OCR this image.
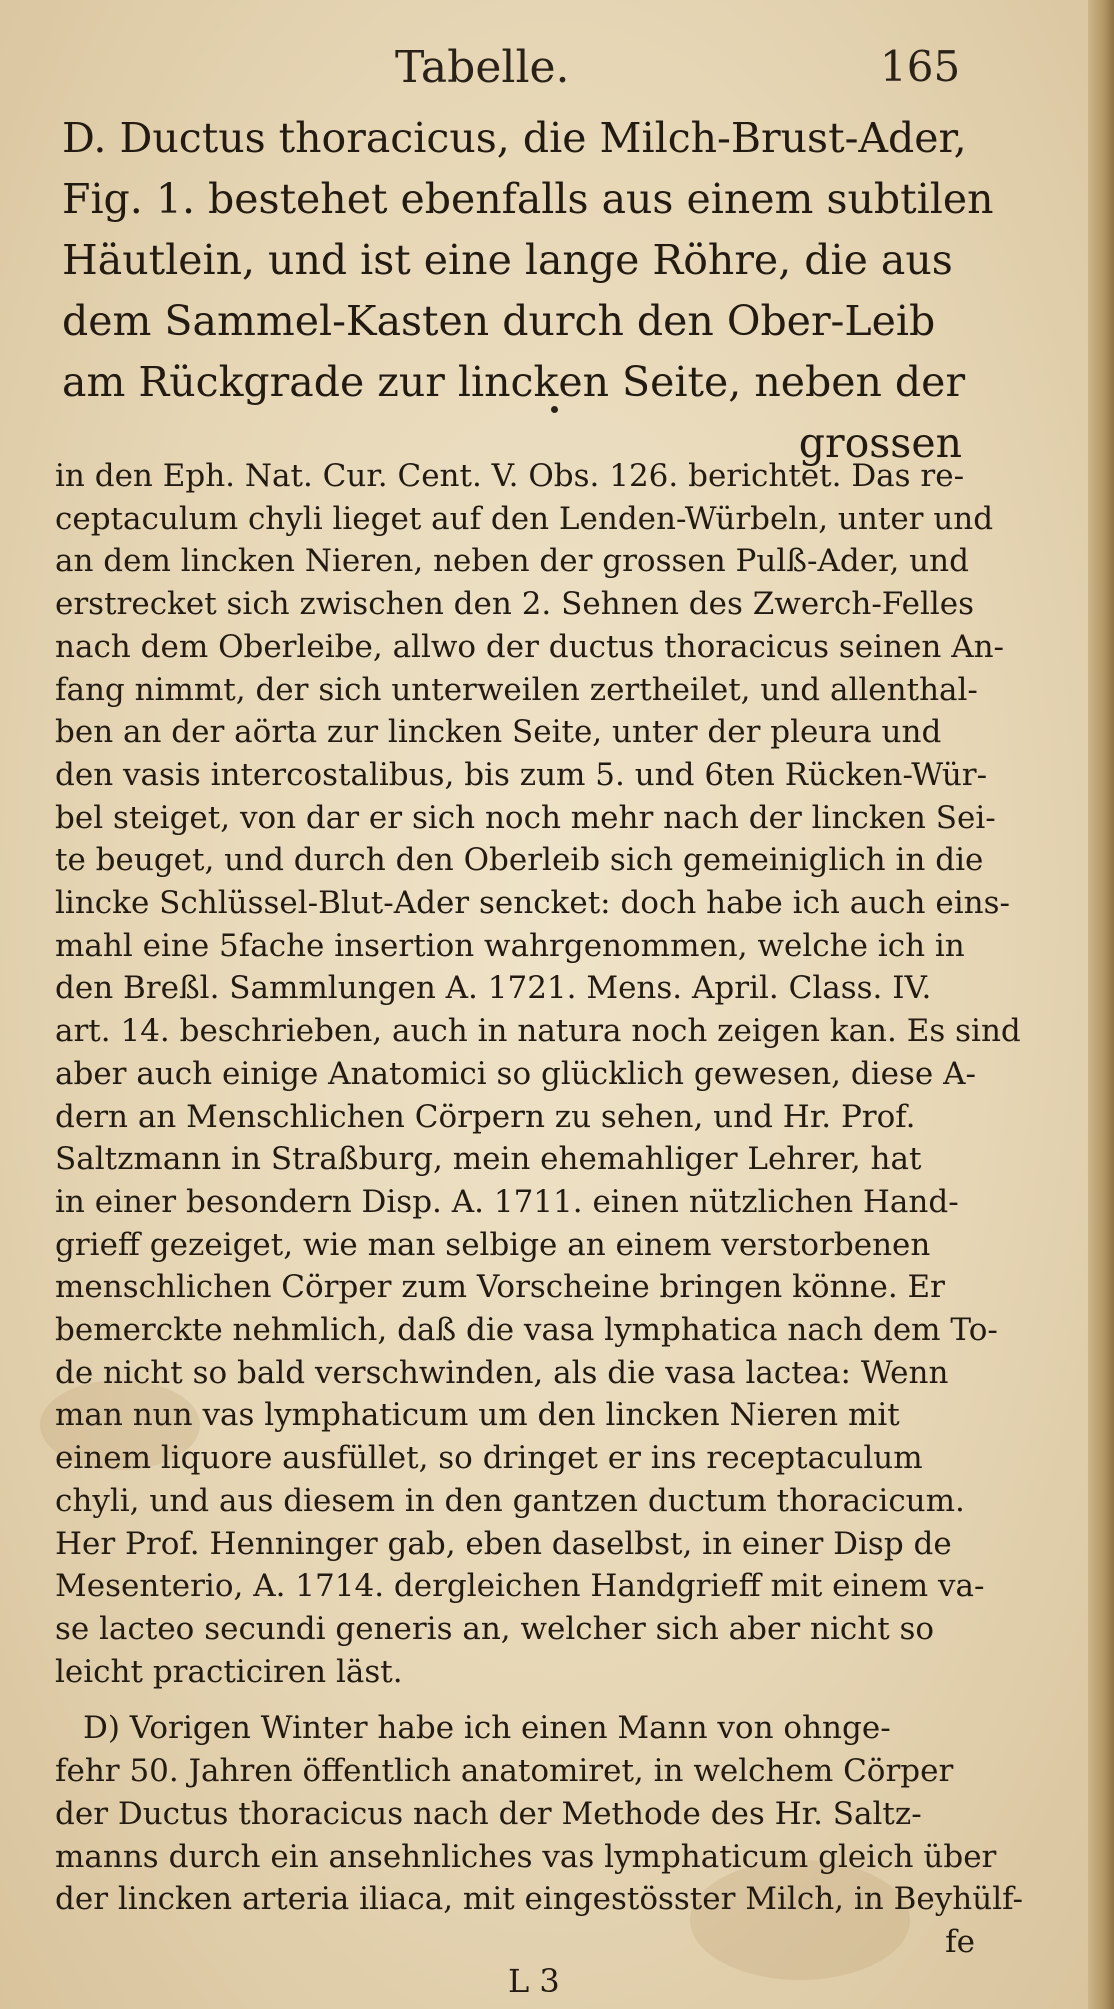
Tabelle.	165
D. Ductus thoracicus, die Milch-Brust-Ader,
Fig. 1. bestehet ebenfalls aus einem subtilen
Häutlein, und ist eine lange Röhre, die aus
dem Sammel-Kasten durch den Ober-Leib
am Rückgrade zur lincken Seite, neben der
grossen
in den Eph. Nat. Cur. Cent. V. Obs. 126. berichtet. Das re-
ceptaculum chyli lieget auf den Lenden-Würbeln, unter und
an dem lincken Nieren, neben der grossen Pulß-Ader, und
erstrecket sich zwischen den 2. Sehnen des Zwerch-Felles
nach dem Oberleibe, allwo der ductus thoracicus seinen An-
fang nimmt, der sich unterweilen zertheilet, und allenthal-
ben an der aörta zur lincken Seite, unter der pleura und
den vasis intercostalibus, bis zum 5. und 6ten Rücken-Wür-
bel steiget, von dar er sich noch mehr nach der lincken Sei-
te beuget, und durch den Oberleib sich gemeiniglich in die
lincke Schlüssel-Blut-Ader sencket: doch habe ich auch eins-
mahl eine 5fache insertion wahrgenommen, welche ich in
den Breßl. Sammlungen A. 1721. Mens. April. Class. IV.
art. 14. beschrieben, auch in natura noch zeigen kan. Es sind
aber auch einige Anatomici so glücklich gewesen, diese A-
dern an Menschlichen Cörpern zu sehen, und Hr. Prof.
Saltzmann in Straßburg, mein ehemahliger Lehrer, hat
in einer besondern Disp. A. 1711. einen nützlichen Hand-
grieff gezeiget, wie man selbige an einem verstorbenen
menschlichen Cörper zum Vorscheine bringen könne. Er
bemerckte nehmlich, daß die vasa lymphatica nach dem To-
de nicht so bald verschwinden, als die vasa lactea: Wenn
man nun vas lymphaticum um den lincken Nieren mit
einem liquore ausfüllet, so dringet er ins receptaculum
chyli, und aus diesem in den gantzen ductum thoracicum.
Her Prof. Henninger gab, eben daselbst, in einer Disp de
Mesenterio, A. 1714. dergleichen Handgrieff mit einem va-
se lacteo secundi generis an, welcher sich aber nicht so
leicht practiciren läst.
D) Vorigen Winter habe ich einen Mann von ohnge-
fehr 50. Jahren öffentlich anatomiret, in welchem Cörper
der Ductus thoracicus nach der Methode des Hr. Saltz-
manns durch ein ansehnliches vas lymphaticum gleich über
der lincken arteria iliaca, mit eingestösster Milch, in Beyhülf-
fe
L 3
